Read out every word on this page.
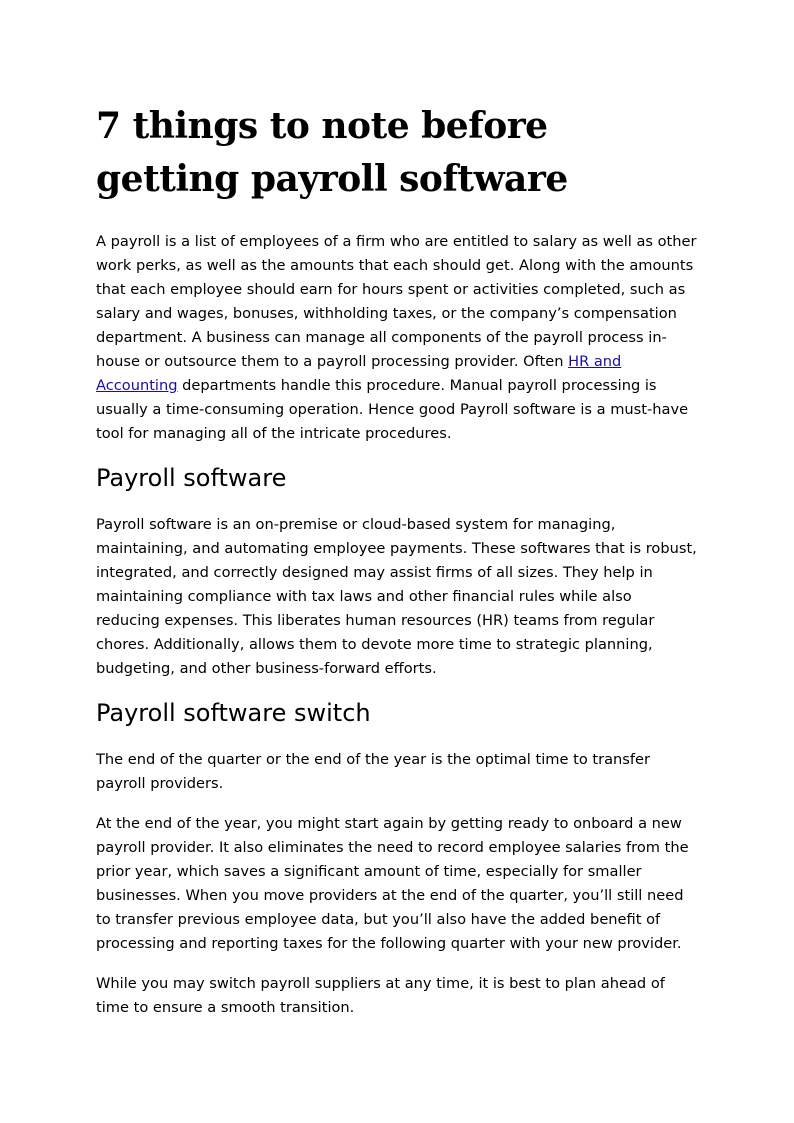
7 things to note before getting payroll software

A payroll is a list of employees of a firm who are entitled to salary as well as other work perks, as well as the amounts that each should get. Along with the amounts that each employee should earn for hours spent or activities completed, such as salary and wages, bonuses, withholding taxes, or the company’s compensation department. A business can manage all components of the payroll process in-house or outsource them to a payroll processing provider. Often HR and Accounting departments handle this procedure. Manual payroll processing is usually a time-consuming operation. Hence good Payroll software is a must-have tool for managing all of the intricate procedures.

Payroll software

Payroll software is an on-premise or cloud-based system for managing, maintaining, and automating employee payments. These softwares that is robust, integrated, and correctly designed may assist firms of all sizes. They help in maintaining compliance with tax laws and other financial rules while also reducing expenses. This liberates human resources (HR) teams from regular chores. Additionally, allows them to devote more time to strategic planning, budgeting, and other business-forward efforts.

Payroll software switch

The end of the quarter or the end of the year is the optimal time to transfer payroll providers.

At the end of the year, you might start again by getting ready to onboard a new payroll provider. It also eliminates the need to record employee salaries from the prior year, which saves a significant amount of time, especially for smaller businesses. When you move providers at the end of the quarter, you’ll still need to transfer previous employee data, but you’ll also have the added benefit of processing and reporting taxes for the following quarter with your new provider.

While you may switch payroll suppliers at any time, it is best to plan ahead of time to ensure a smooth transition.
